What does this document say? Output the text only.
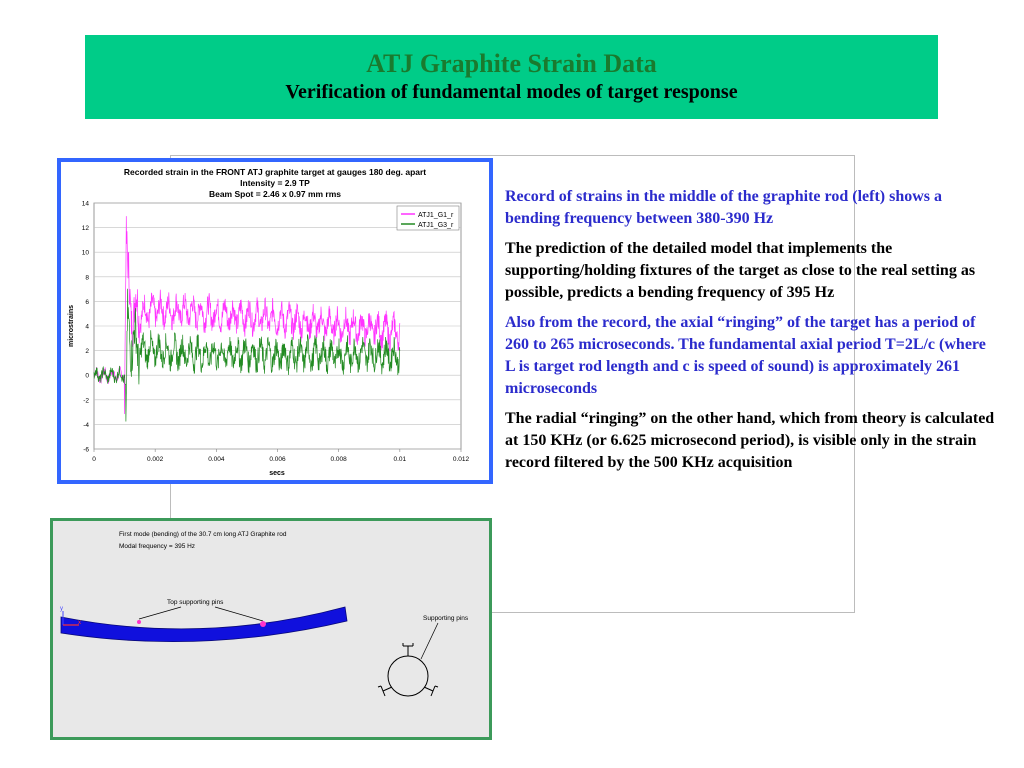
ATJ Graphite Strain Data
Verification of fundamental modes of target response
Recorded strain in the FRONT ATJ graphite target at gauges 180 deg. apart
Intensity = 2.9 TP
Beam Spot = 2.46 x 0.97 mm rms
14
12
10
8
6
4
2
0
-2
-4
-6
0	0.002	0.004	0.006	0.008	0.01	0.012
microstrains
secs
ATJ1_G1_r
ATJ1_G3_r

Record of strains in the middle of the graphite rod (left) shows a bending frequency between 380-390 Hz

The prediction of the detailed model that implements the supporting/holding fixtures of the target as close to the real setting as possible, predicts a bending frequency of 395 Hz

Also from the record, the axial “ringing” of the target has a period of 260 to 265 microseconds. The fundamental axial period T=2L/c (where L is target rod length and c is speed of sound) is approximately 261 microseconds

The radial “ringing” on the other hand, which from theory is calculated at 150 KHz (or 6.625 microsecond period), is visible only in the strain record filtered by the 500 KHz acquisition

First mode (bending) of the 30.7 cm long ATJ Graphite rod
Modal frequency = 395 Hz
Top supporting pins
y
x
Supporting pins
